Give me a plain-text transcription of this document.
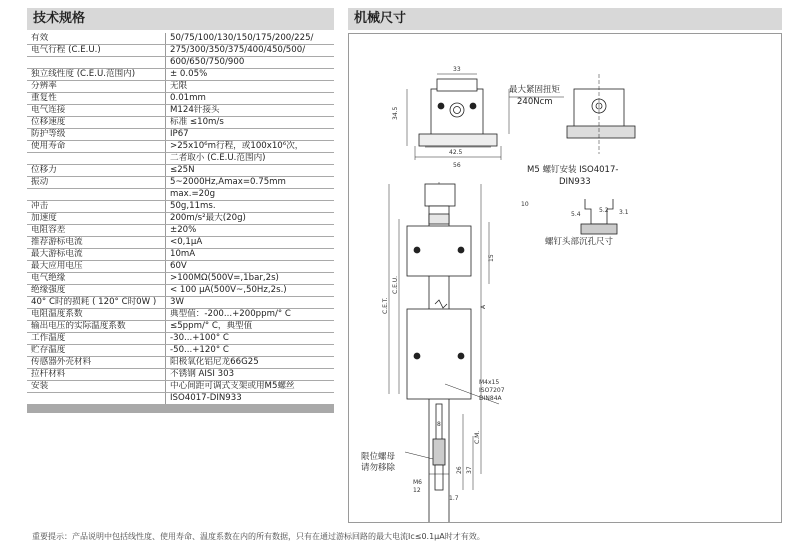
技术规格	机械尺寸
有效	50/75/100/130/150/175/200/225/
电气行程 (C.E.U.)	275/300/350/375/400/450/500/
	600/650/750/900
独立线性度 (C.E.U.范围内)	± 0.05%
分辨率	无限
重复性	0.01mm
电气连接	M124针接头
位移速度	标准 ≤10m/s
防护等级	IP67
使用寿命	>25x10⁶m行程，或100x10⁶次，
	二者取小 (C.E.U.范围内)
位移力	≤25N
振动	5~2000Hz,Amax=0.75mm
	max.=20g
冲击	50g,11ms.
加速度	200m/s²最大(20g)
电阻容差	±20%
推荐游标电流	<0,1μA
最大游标电流	10mA
最大应用电压	60V
电气绝缘	>100MΩ(500V=,1bar,2s)
绝缘强度	< 100 μA(500V~,50Hz,2s.)
40° C时的损耗 ( 120° C时0W )	3W
电阻温度系数	典型值：-200...+200ppm/° C
输出电压的实际温度系数	≤5ppm/° C，典型值
工作温度	-30...+100° C
贮存温度	-50...+120° C
传感器外壳材料	阳极氧化铝尼龙66G25
拉杆材料	不锈钢 AISI 303
安装	中心间距可调式支架或用M5螺丝
	ISO4017-DIN933

最大紧固扭矩
240Ncm
M5 螺钉安装 ISO4017-
DIN933
螺钉头部沉孔尺寸
限位螺母
请勿移除
M4x15
ISO7207
DIN84A
33
34.5
42.5
56
10
15
A
C.E.T.
C.E.U.
C.M.
8
26 37
M6
12
1.7
5.4
5.2 3.1
重要提示：产品说明中包括线性度、使用寿命、温度系数在内的所有数据，只有在通过游标回路的最大电流Ic≤0.1μA时才有效。
